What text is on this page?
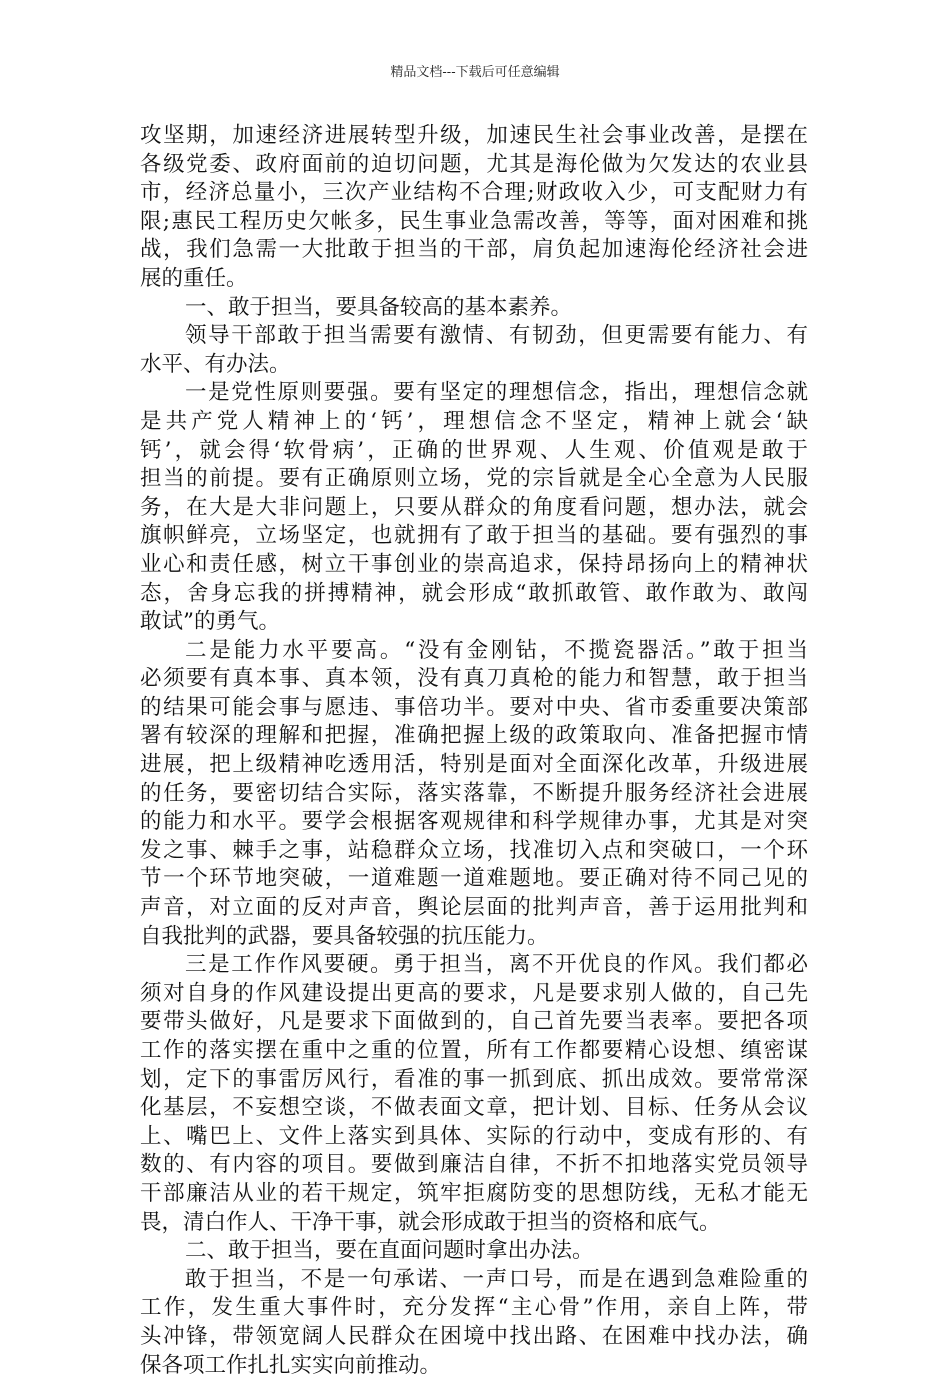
精品文档---下载后可任意编辑
攻坚期，加速经济进展转型升级，加速民生社会事业改善，是摆在
各级党委、政府面前的迫切问题，尤其是海伦做为欠发达的农业县
市，经济总量小，三次产业结构不合理;财政收入少，可支配财力有
限;惠民工程历史欠帐多，民生事业急需改善，等等，面对困难和挑
战，我们急需一大批敢于担当的干部，肩负起加速海伦经济社会进
展的重任。
一、敢于担当，要具备较高的基本素养。
领导干部敢于担当需要有激情、有韧劲，但更需要有能力、有
水平、有办法。
一是党性原则要强。要有坚定的理想信念，指出，理想信念就
是共产党人精神上的‘钙’，理想信念不坚定，精神上就会‘缺
钙’，就会得‘软骨病’，正确的世界观、人生观、价值观是敢于
担当的前提。要有正确原则立场，党的宗旨就是全心全意为人民服
务，在大是大非问题上，只要从群众的角度看问题，想办法，就会
旗帜鲜亮，立场坚定，也就拥有了敢于担当的基础。要有强烈的事
业心和责任感，树立干事创业的崇高追求，保持昂扬向上的精神状
态，舍身忘我的拼搏精神，就会形成“敢抓敢管、敢作敢为、敢闯
敢试”的勇气。
二是能力水平要高。“没有金刚钻，不揽瓷器活。”敢于担当
必须要有真本事、真本领，没有真刀真枪的能力和智慧，敢于担当
的结果可能会事与愿违、事倍功半。要对中央、省市委重要决策部
署有较深的理解和把握，准确把握上级的政策取向、准备把握市情
进展，把上级精神吃透用活，特别是面对全面深化改革，升级进展
的任务，要密切结合实际，落实落靠，不断提升服务经济社会进展
的能力和水平。要学会根据客观规律和科学规律办事，尤其是对突
发之事、棘手之事，站稳群众立场，找准切入点和突破口，一个环
节一个环节地突破，一道难题一道难题地。要正确对待不同己见的
声音，对立面的反对声音，舆论层面的批判声音，善于运用批判和
自我批判的武器，要具备较强的抗压能力。
三是工作作风要硬。勇于担当，离不开优良的作风。我们都必
须对自身的作风建设提出更高的要求，凡是要求别人做的，自己先
要带头做好，凡是要求下面做到的，自己首先要当表率。要把各项
工作的落实摆在重中之重的位置，所有工作都要精心设想、缜密谋
划，定下的事雷厉风行，看准的事一抓到底、抓出成效。要常常深
化基层，不妄想空谈，不做表面文章，把计划、目标、任务从会议
上、嘴巴上、文件上落实到具体、实际的行动中，变成有形的、有
数的、有内容的项目。要做到廉洁自律，不折不扣地落实党员领导
干部廉洁从业的若干规定，筑牢拒腐防变的思想防线，无私才能无
畏，清白作人、干净干事，就会形成敢于担当的资格和底气。
二、敢于担当，要在直面问题时拿出办法。
敢于担当，不是一句承诺、一声口号，而是在遇到急难险重的
工作，发生重大事件时，充分发挥“主心骨”作用，亲自上阵，带
头冲锋，带领宽阔人民群众在困境中找出路、在困难中找办法，确
保各项工作扎扎实实向前推动。
